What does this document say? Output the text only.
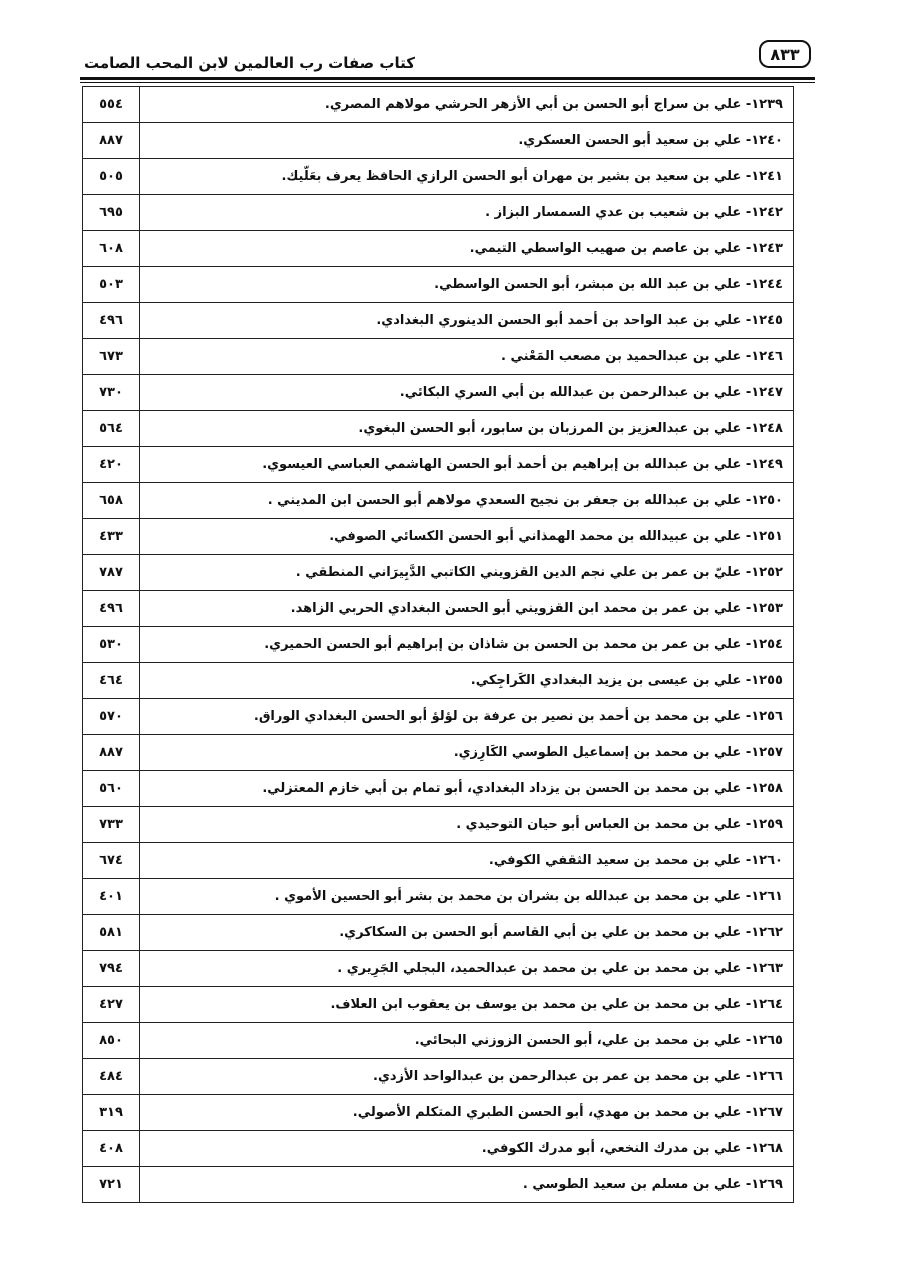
كتاب صفات رب العالمين لابن المحب الصامت	٨٣٣
٥٥٤	١٢٣٩- علي بن سراج أبو الحسن بن أبي الأزهر الحرشي مولاهم المصري.
٨٨٧	١٢٤٠- علي بن سعيد أبو الحسن العسكري.
٥٠٥	١٢٤١- علي بن سعيد بن بشير بن مهران أبو الحسن الرازي الحافظ يعرف بعَلّيك.
٦٩٥	١٢٤٢- علي بن شعيب بن عدي السمسار البزاز .
٦٠٨	١٢٤٣- علي بن عاصم بن صهيب الواسطي التيمي.
٥٠٣	١٢٤٤- علي بن عبد الله بن مبشر، أبو الحسن الواسطي.
٤٩٦	١٢٤٥- علي بن عبد الواحد بن أحمد أبو الحسن الدينوري البغدادي.
٦٧٣	١٢٤٦- علي بن عبدالحميد بن مصعب المَعْني .
٧٣٠	١٢٤٧- علي بن عبدالرحمن بن عبدالله بن أبي السري البكائي.
٥٦٤	١٢٤٨- علي بن عبدالعزيز بن المرزبان بن سابور، أبو الحسن البغوي.
٤٢٠	١٢٤٩- علي بن عبدالله بن إبراهيم بن أحمد أبو الحسن الهاشمي العباسي العيسوي.
٦٥٨	١٢٥٠- علي بن عبدالله بن جعفر بن نجيح السعدي مولاهم أبو الحسن ابن المديني .
٤٣٣	١٢٥١- علي بن عبيدالله بن محمد الهمذاني أبو الحسن الكسائي الصوفي.
٧٨٧	١٢٥٢- عليّ بن عمر بن علي نجم الدين القزويني الكاتبي الدَّبِيرَاني المنطقي .
٤٩٦	١٢٥٣- علي بن عمر بن محمد ابن القزويني أبو الحسن البغدادي الحربي الزاهد.
٥٣٠	١٢٥٤- علي بن عمر بن محمد بن الحسن بن شاذان بن إبراهيم أبو الحسن الحميري.
٤٦٤	١٢٥٥- علي بن عيسى بن يزيد البغدادي الكَراجِكي.
٥٧٠	١٢٥٦- علي بن محمد بن أحمد بن نصير بن عرفة بن لؤلؤ أبو الحسن البغدادي الوراق.
٨٨٧	١٢٥٧- علي بن محمد بن إسماعيل الطوسي الكَارِزي.
٥٦٠	١٢٥٨- علي بن محمد بن الحسن بن يزداد البغدادي، أبو تمام بن أبي خازم المعتزلي.
٧٣٣	١٢٥٩- علي بن محمد بن العباس أبو حيان التوحيدي .
٦٧٤	١٢٦٠- علي بن محمد بن سعيد الثقفي الكوفي.
٤٠١	١٢٦١- علي بن محمد بن عبدالله بن بشران بن محمد بن بشر أبو الحسين الأموي .
٥٨١	١٢٦٢- علي بن محمد بن علي بن أبي القاسم أبو الحسن بن السكاكري.
٧٩٤	١٢٦٣- علي بن محمد بن علي بن محمد بن عبدالحميد، البجلي الجَرِيري .
٤٢٧	١٢٦٤- علي بن محمد بن علي بن محمد بن يوسف بن يعقوب ابن العلاف.
٨٥٠	١٢٦٥- علي بن محمد بن علي، أبو الحسن الزوزني البحائي.
٤٨٤	١٢٦٦- علي بن محمد بن عمر بن عبدالرحمن بن عبدالواحد الأزدي.
٣١٩	١٢٦٧- علي بن محمد بن مهدي، أبو الحسن الطبري المتكلم الأصولي.
٤٠٨	١٢٦٨- علي بن مدرك النخعي، أبو مدرك الكوفي.
٧٢١	١٢٦٩- علي بن مسلم بن سعيد الطوسي .
